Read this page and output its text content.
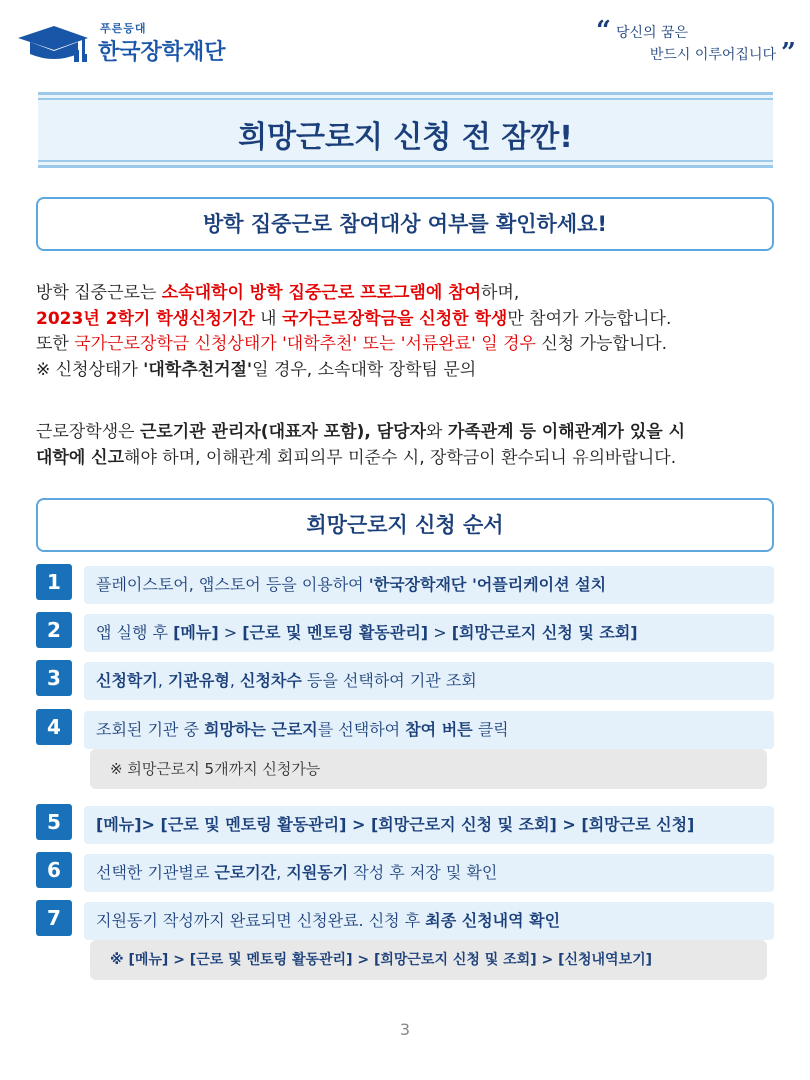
푸른등대
한국장학재단
“ 당신의 꿈은
반드시 이루어집니다 ”
희망근로지 신청 전 잠깐!
방학 집중근로 참여대상 여부를 확인하세요!
방학 집중근로는 소속대학이 방학 집중근로 프로그램에 참여하며,
2023년 2학기 학생신청기간 내 국가근로장학금을 신청한 학생만 참여가 가능합니다.
또한 국가근로장학금 신청상태가 '대학추천' 또는 '서류완료' 일 경우 신청 가능합니다.
※ 신청상태가 '대학추천거절'일 경우, 소속대학 장학팀 문의
근로장학생은 근로기관 관리자(대표자 포함), 담당자와 가족관계 등 이해관계가 있을 시
대학에 신고해야 하며, 이해관계 회피의무 미준수 시, 장학금이 환수되니 유의바랍니다.
희망근로지 신청 순서
1	플레이스토어, 앱스토어 등을 이용하여 '한국장학재단 '어플리케이션 설치
2	앱 실행 후 [메뉴] > [근로 및 멘토링 활동관리] > [희망근로지 신청 및 조회]
3	신청학기, 기관유형, 신청차수 등을 선택하여 기관 조회
4	조회된 기관 중 희망하는 근로지를 선택하여 참여 버튼 클릭
※ 희망근로지 5개까지 신청가능
5	[메뉴]> [근로 및 멘토링 활동관리] > [희망근로지 신청 및 조회] > [희망근로 신청]
6	선택한 기관별로 근로기간, 지원동기 작성 후 저장 및 확인
7	지원동기 작성까지 완료되면 신청완료. 신청 후 최종 신청내역 확인
※ [메뉴] > [근로 및 멘토링 활동관리] > [희망근로지 신청 및 조회] > [신청내역보기]
3
